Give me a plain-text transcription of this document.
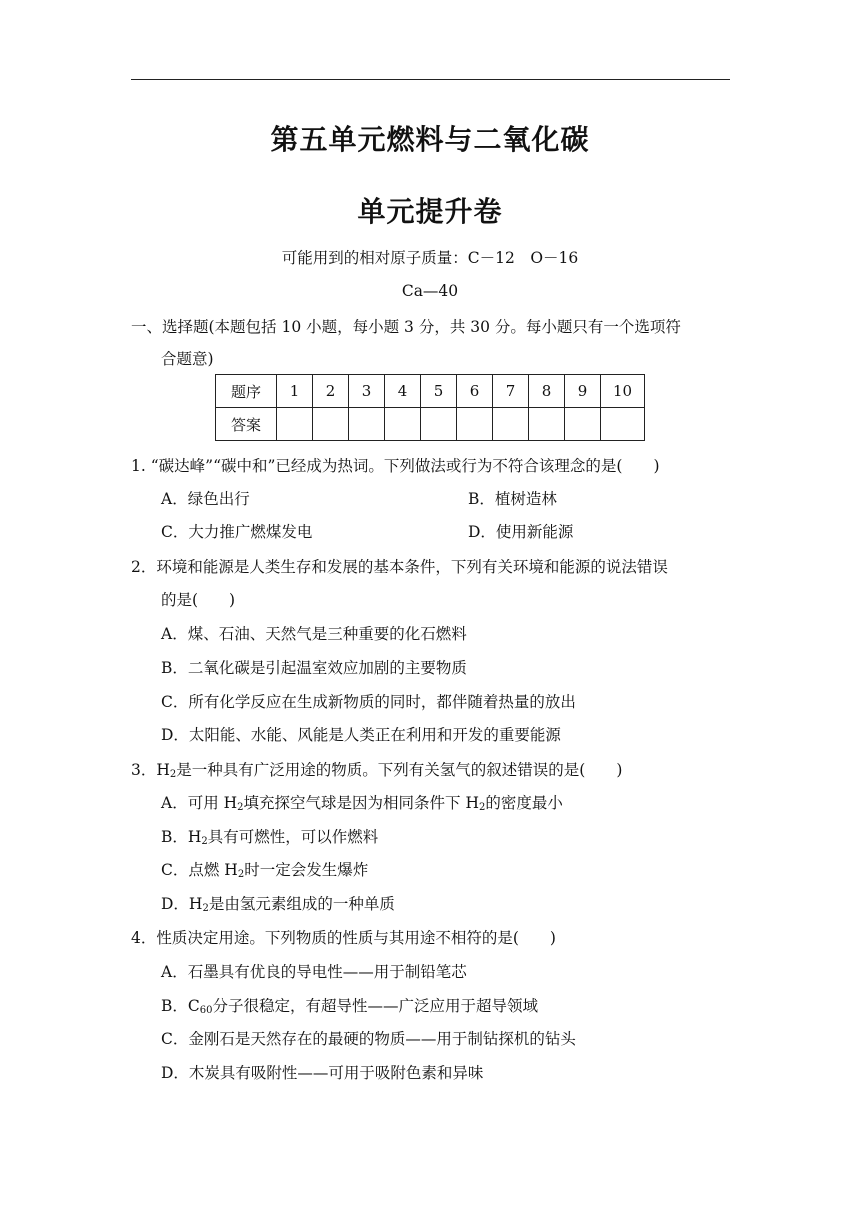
第五单元燃料与二氧化碳
单元提升卷
可能用到的相对原子质量：C－12　O－16
Ca—40
一、选择题(本题包括 10 小题，每小题 3 分，共 30 分。每小题只有一个选项符
合题意)
题序	1	2	3	4	5	6	7	8	9	10
答案										
1. “碳达峰”“碳中和”已经成为热词。下列做法或行为不符合该理念的是(　　)
A．绿色出行	B．植树造林
C．大力推广燃煤发电	D．使用新能源
2．环境和能源是人类生存和发展的基本条件，下列有关环境和能源的说法错误
的是(　　)
A．煤、石油、天然气是三种重要的化石燃料
B．二氧化碳是引起温室效应加剧的主要物质
C．所有化学反应在生成新物质的同时，都伴随着热量的放出
D．太阳能、水能、风能是人类正在利用和开发的重要能源
3．$H_2$是一种具有广泛用途的物质。下列有关氢气的叙述错误的是(　　)
A．可用 $H_2$填充探空气球是因为相同条件下 $H_2$的密度最小
B．$H_2$具有可燃性，可以作燃料
C．点燃 $H_2$时一定会发生爆炸
D．$H_2$是由氢元素组成的一种单质
4．性质决定用途。下列物质的性质与其用途不相符的是(　　)
A．石墨具有优良的导电性——用于制铅笔芯
B．$C_{60}$分子很稳定，有超导性——广泛应用于超导领域
C．金刚石是天然存在的最硬的物质——用于制钻探机的钻头
D．木炭具有吸附性——可用于吸附色素和异味
